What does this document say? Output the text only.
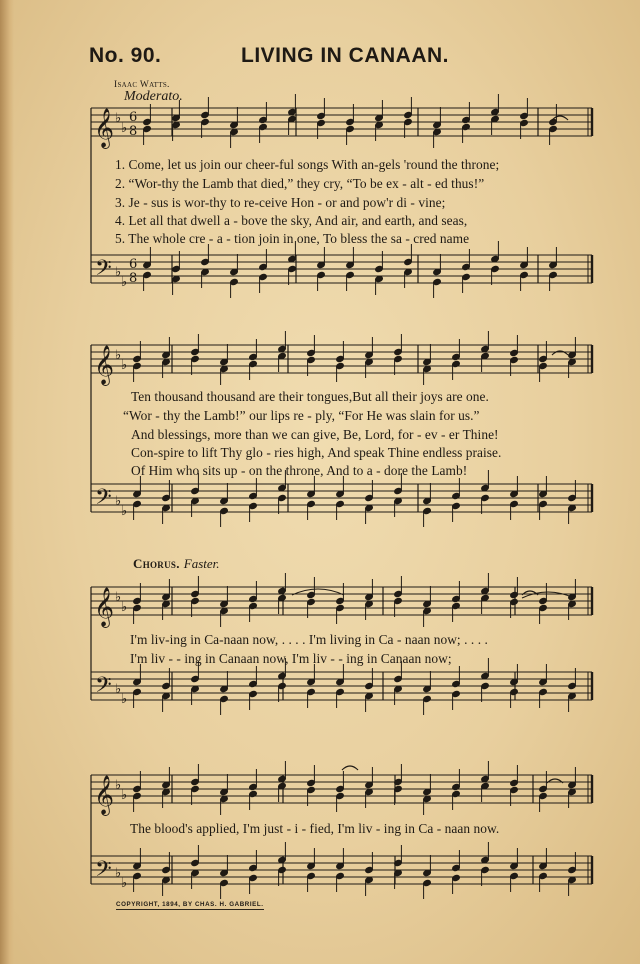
No. 90.	LIVING IN CANAAN.
Isaac Watts.
Moderato.
𝄞
𝄢
♭
♭
♭
♭
6
8
6
8
𝄞
𝄢
♭
♭
♭
♭
𝄞
𝄢
♭
♭
♭
♭
𝄞
𝄢
♭
♭
♭
♭
1. Come, let us join our cheer-ful songs With an-gels 'round the throne;
2. “Wor-thy the Lamb that died,” they cry, “To be ex - alt - ed thus!”
3. Je - sus is wor-thy to re-ceive Hon - or and pow'r di - vine;
4. Let all that dwell a - bove the sky, And air, and earth, and seas,
5. The whole cre - a - tion join in one, To bless the sa - cred name
Ten thousand thousand are their tongues,But all their joys are one.
“Wor - thy the Lamb!” our lips re - ply, “For He was slain for us.”
And blessings, more than we can give, Be, Lord, for - ev - er Thine!
Con-spire to lift Thy glo - ries high, And speak Thine endless praise.
Of Him who sits up - on the throne, And to a - dore the Lamb!
Chorus. Faster.
I'm liv-ing in Ca-naan now, . . . . I'm living in Ca - naan now; . . . .
I'm liv - - ing in Canaan now, I'm liv - - ing in Canaan now;
The blood's applied, I'm just - i - fied, I'm liv - ing in Ca - naan now.
COPYRIGHT, 1894, BY CHAS. H. GABRIEL.
